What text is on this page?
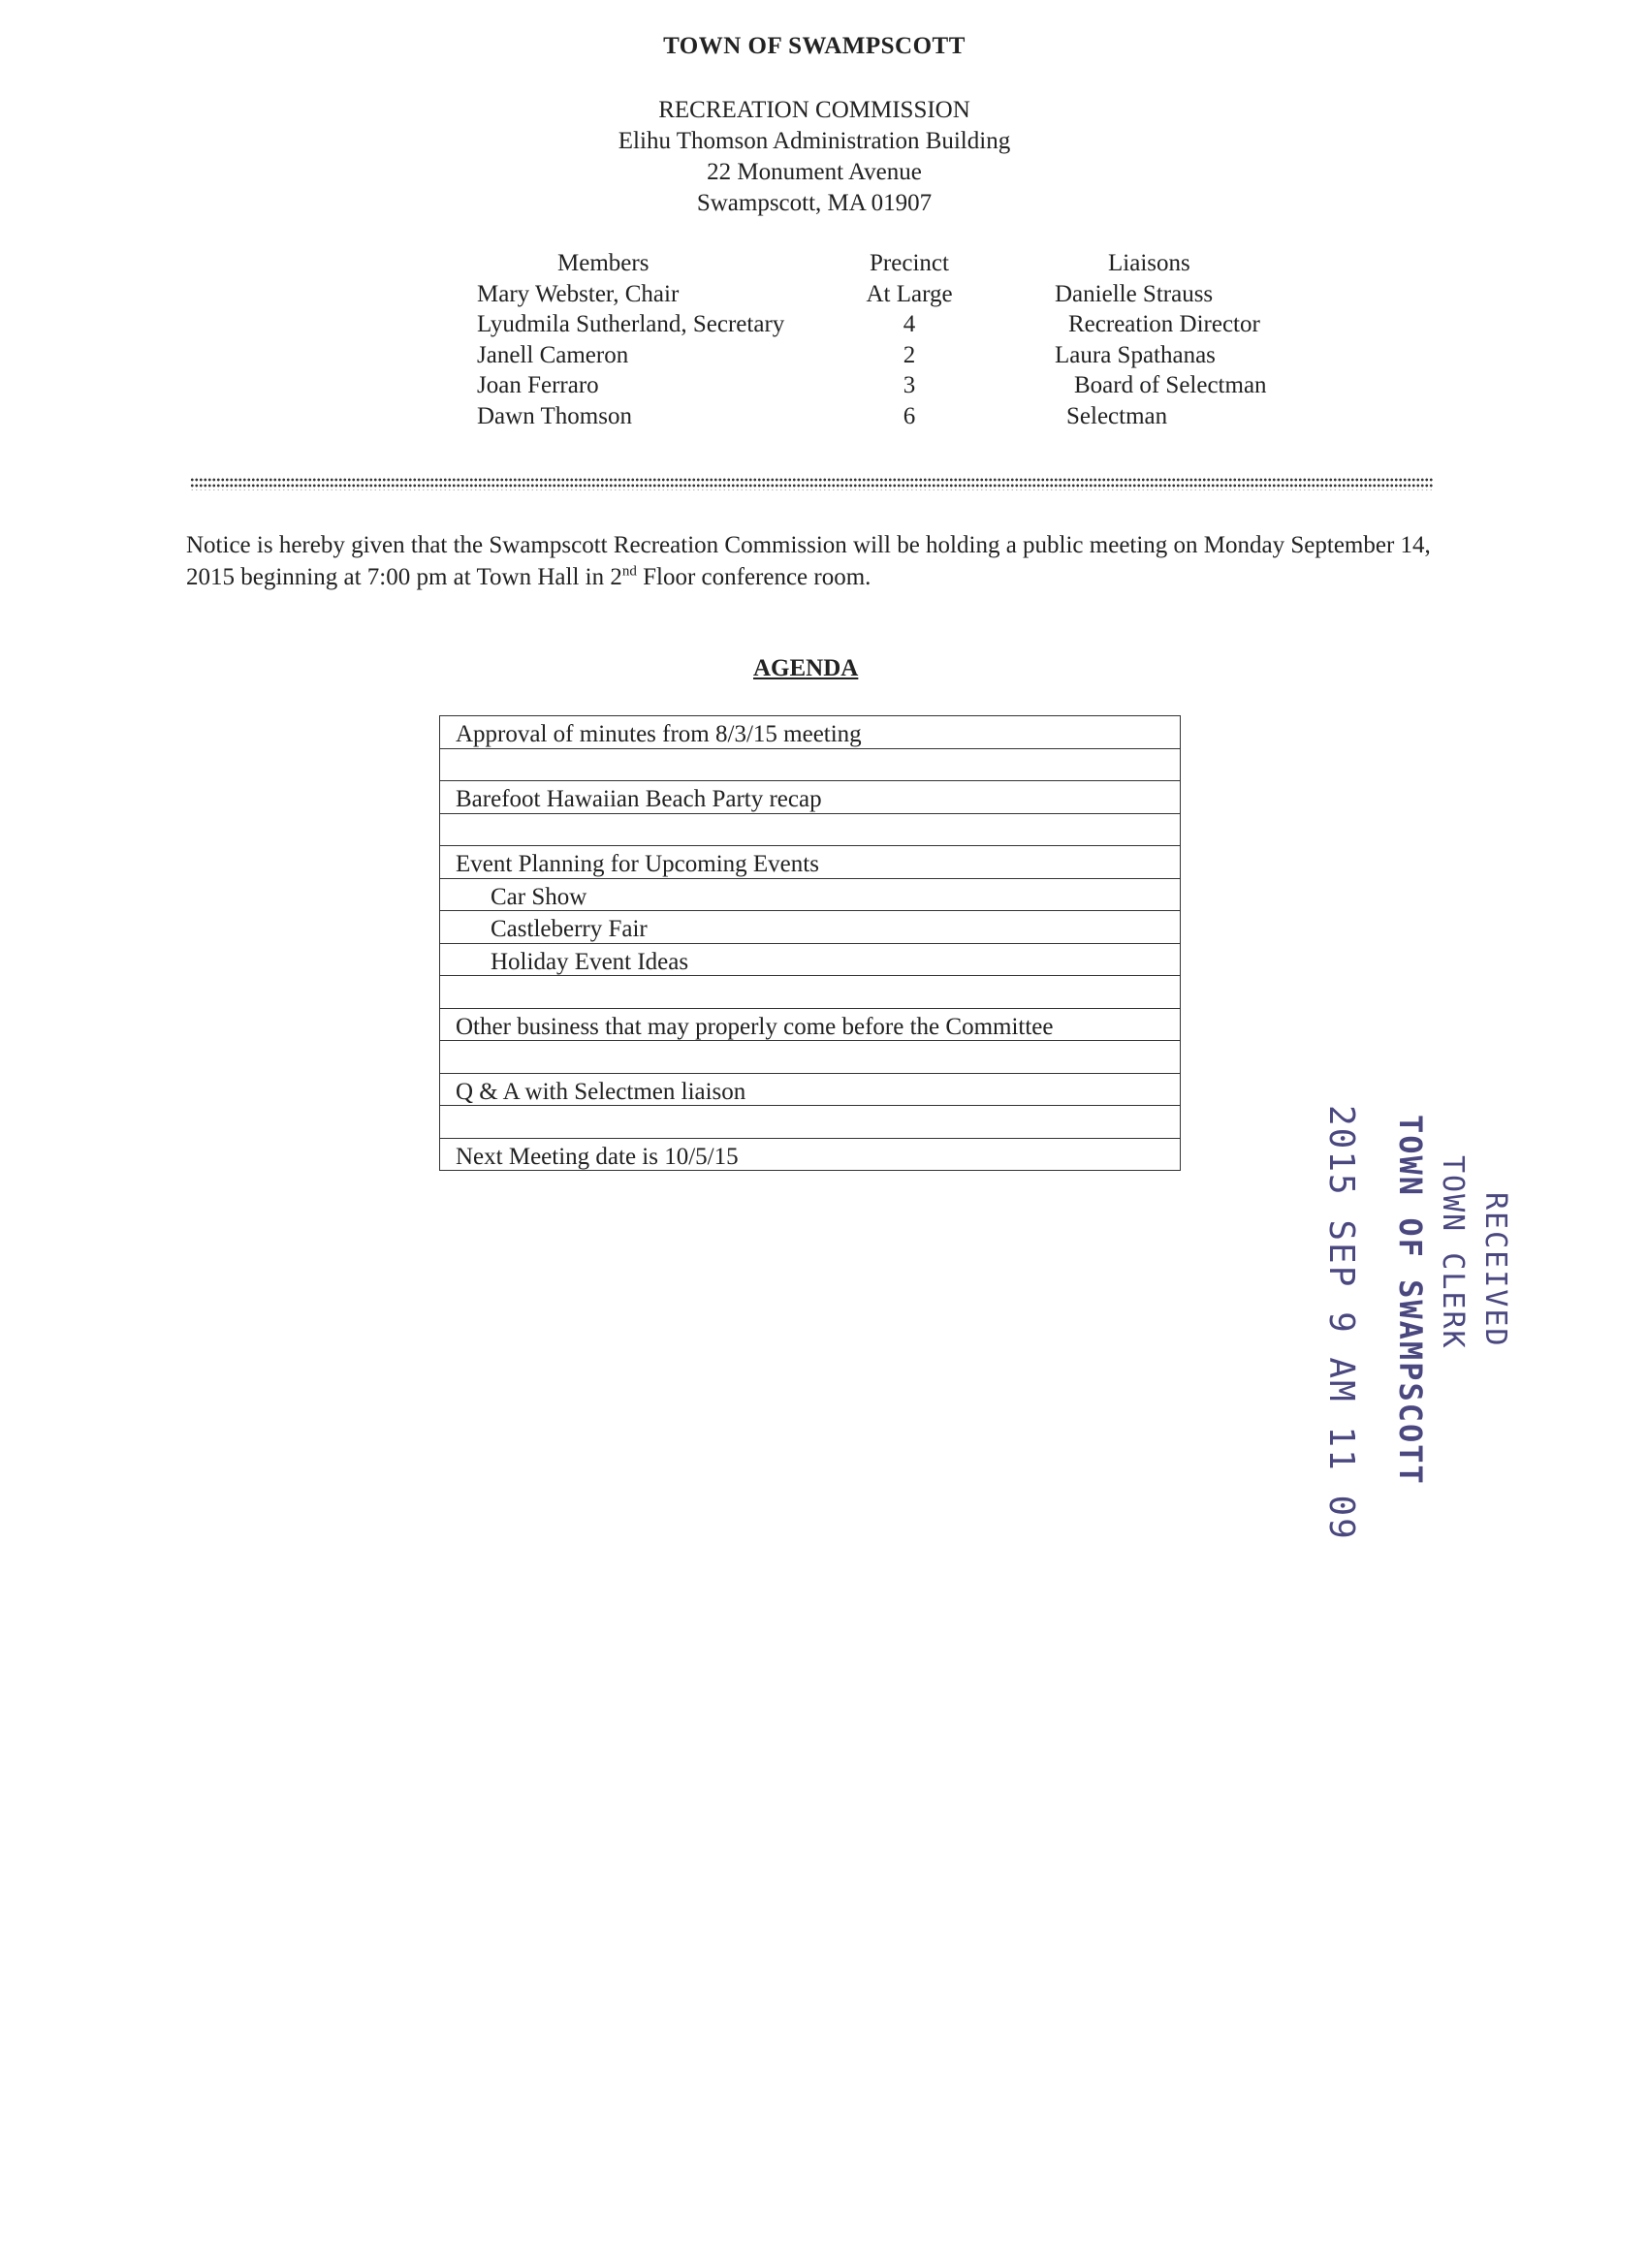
TOWN OF SWAMPSCOTT
RECREATION COMMISSION
Elihu Thomson Administration Building
22 Monument Avenue
Swampscott, MA 01907
Members
Mary Webster, Chair
Lyudmila Sutherland, Secretary
Janell Cameron
Joan Ferraro
Dawn Thomson
Precinct
At Large
4
2
3
6
Liaisons
Danielle Strauss
Recreation Director
Laura Spathanas
Board of Selectman
Selectman
Notice is hereby given that the Swampscott Recreation Commission will be holding a public meeting on Monday September 14, 2015 beginning at 7:00 pm at Town Hall in 2nd Floor conference room.
AGENDA
Approval of minutes from 8/3/15 meeting
Barefoot Hawaiian Beach Party recap
Event Planning for Upcoming Events
Car Show
Castleberry Fair
Holiday Event Ideas
Other business that may properly come before the Committee
Q & A with Selectmen liaison
Next Meeting date is 10/5/15
RECEIVED
TOWN CLERK
TOWN OF SWAMPSCOTT
2015 SEP 9 AM 11 09
